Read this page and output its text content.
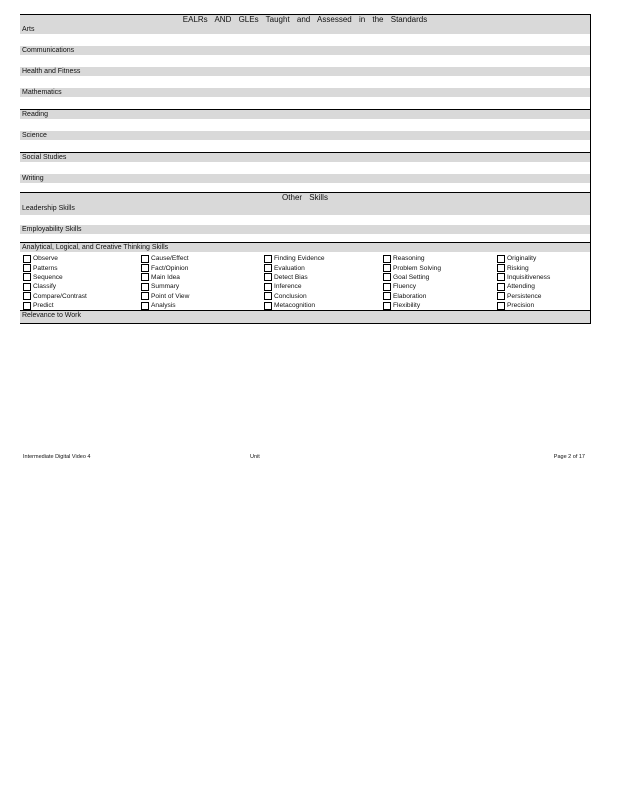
EALRs AND GLEs Taught and Assessed in the Standards
Arts
Communications
Health and Fitness
Mathematics
Reading
Science
Social Studies
Writing
Other Skills
Leadership Skills
Employability Skills
Analytical, Logical, and Creative Thinking Skills
Observe
Patterns
Sequence
Classify
Compare/Contrast
Predict
Cause/Effect
Fact/Opinion
Main Idea
Summary
Point of View
Analysis
Finding Evidence
Evaluation
Detect Bias
Inference
Conclusion
Metacognition
Reasoning
Problem Solving
Goal Setting
Fluency
Elaboration
Flexibility
Originality
Risking
Inquisitiveness
Attending
Persistence
Precision
Relevance to Work
Intermediate Digital Video 4	Unit	Page 2 of 17
